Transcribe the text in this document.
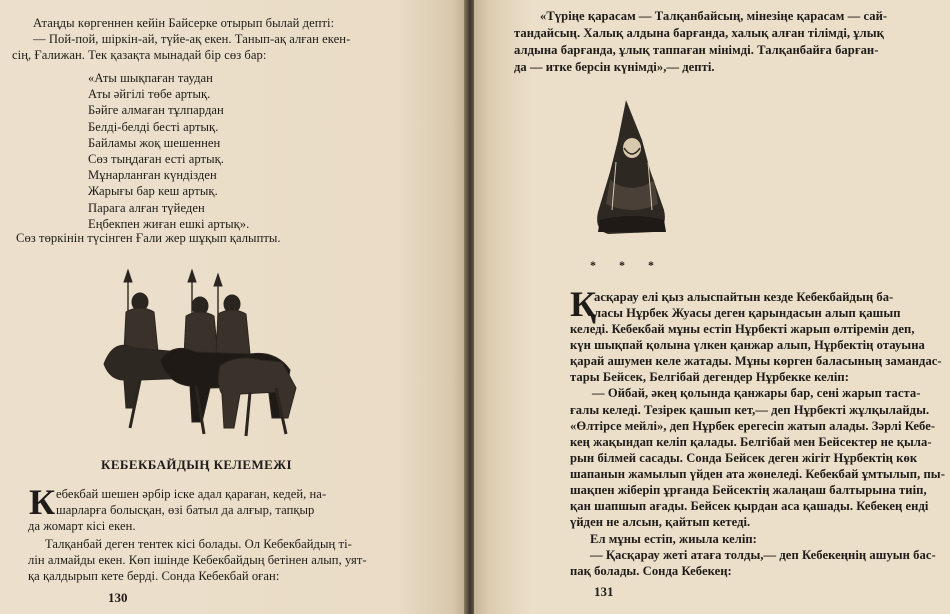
Атаңды көргеннен кейін Байсерке отырып былай депті:
— Пой-пой, шіркін-ай, түйе-ақ екен. Танып-ақ алған екен-
сің, Ғалижан. Тек қазақта мынадай бір сөз бар:
«Аты шықпаған таудан
Аты әйгілі төбе артық.
Бәйге алмаған тұлпардан
Белді-белді бесті артық.
Байламы жоқ шешеннен
Сөз тыңдаған есті артық.
Мұнарланған күндізден
Жарығы бар кеш артық.
Парага алған түйеден
Еңбекпен жиған ешкі артық».
Сөз төркінін түсінген Ғали жер шұқып қалыпты.
КЕБЕКБАЙДЫҢ КЕЛЕМЕЖІ
К ебекбай шешен әрбір іске адал қараған, кедей, на-
шарларға болысқан, өзі батыл да алғыр, тапқыр
да жомарт кісі екен.
Талқанбай деген тентек кісі болады. Ол Кебекбайдың ті-
лін алмайды екен. Көп ішінде Кебекбайдың бетінен алып, уят-
қа қалдырып кете берді. Сонда Кебекбай оған:
130
«Түріңе қарасам — Талқанбайсың, мінезіңе қарасам — сай-
тандайсың. Халық алдына барғанда, халық алған тілімді, ұлық
алдына барғанда, ұлық таппаған мінімді. Талқанбайға барған-
да — итке берсін күнімді»,— депті.
* * *
Қ
асқарау елі қыз алыспайтын кезде Кебекбайдың ба-
ласы Нұрбек Жуасы деген қарындасын алып қашып
келеді. Кебекбай мұны естіп Нұрбекті жарып өлтіремін деп,
күн шықпай қолына үлкен қанжар алып, Нұрбектің отауына
қарай ашумен келе жатады. Мұны көрген баласының замандас-
тары Бейсек, Белгібай дегендер Нұрбекке келіп:
— Ойбай, әкең қолында қанжары бар, сені жарып таста-
ғалы келеді. Тезірек қашып кет,— деп Нұрбекті жұлқылайды.
«Өлтірсе мейлі», деп Нұрбек ерегесіп жатып алады. Зәрлі Кебе-
кең жақындап келіп қалады. Белгібай мен Бейсектер не қыла-
рын білмей сасады. Сонда Бейсек деген жігіт Нұрбектің көк
шапанын жамылып үйден ата жөнеледі. Кебекбай ұмтылып, пы-
шақпен жіберіп ұрғанда Бейсектің жалаңаш балтырына тиіп,
қан шапшып ағады. Бейсек қырдан аса қашады. Кебекең енді
үйден не алсын, қайтып кетеді.
Ел мұны естіп, жиыла келіп:
— Қасқарау жеті атаға толды,— деп Кебекеңнің ашуын бас-
пақ болады. Сонда Кебекең:
131
